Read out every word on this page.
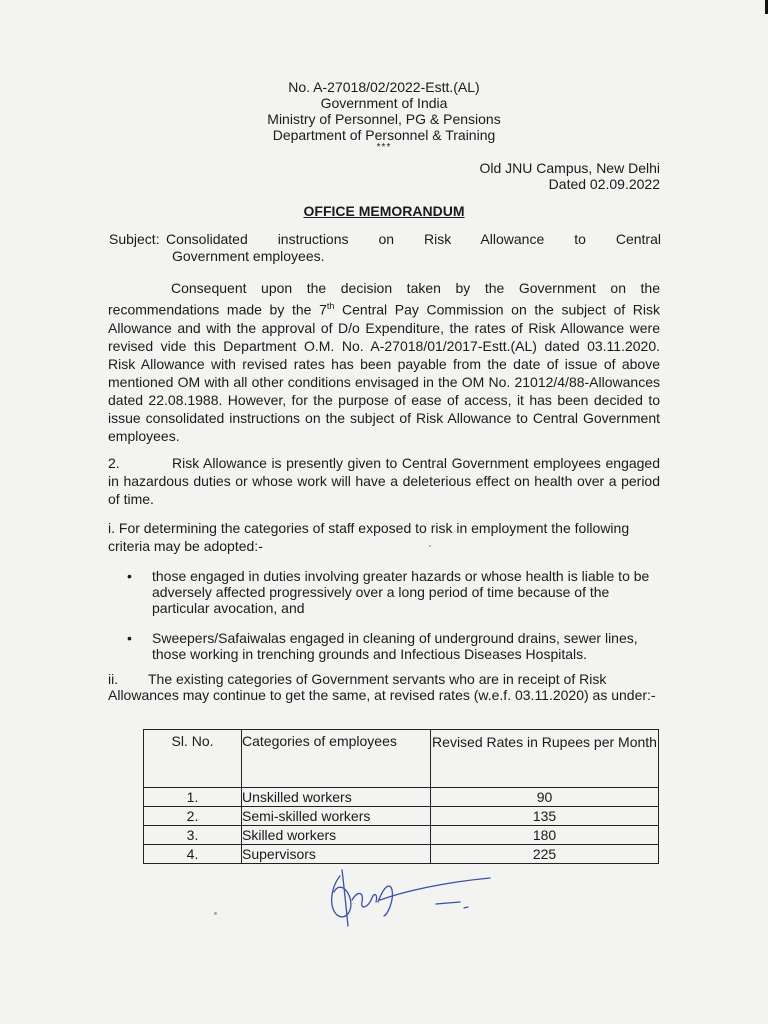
No. A-27018/02/2022-Estt.(AL)
Government of India
Ministry of Personnel, PG & Pensions
Department of Personnel & Training
***
Old JNU Campus, New Delhi
Dated 02.09.2022
OFFICE MEMORANDUM
Subject: Consolidated instructions on Risk Allowance to Central
Government employees.
Consequent upon the decision taken by the Government on the recommendations made by the 7th Central Pay Commission on the subject of Risk Allowance and with the approval of D/o Expenditure, the rates of Risk Allowance were revised vide this Department O.M. No. A-27018/01/2017-Estt.(AL) dated 03.11.2020. Risk Allowance with revised rates has been payable from the date of issue of above mentioned OM with all other conditions envisaged in the OM No. 21012/4/88-Allowances dated 22.08.1988. However, for the purpose of ease of access, it has been decided to issue consolidated instructions on the subject of Risk Allowance to Central Government employees.
2.	Risk Allowance is presently given to Central Government employees engaged in hazardous duties or whose work will have a deleterious effect on health over a period of time.
i. For determining the categories of staff exposed to risk in employment the following criteria may be adopted:-
• those engaged in duties involving greater hazards or whose health is liable to be adversely affected progressively over a long period of time because of the particular avocation, and
• Sweepers/Safaiwalas engaged in cleaning of underground drains, sewer lines, those working in trenching grounds and Infectious Diseases Hospitals.
ii. The existing categories of Government servants who are in receipt of Risk Allowances may continue to get the same, at revised rates (w.e.f. 03.11.2020) as under:-
Sl. No.	Categories of employees	Revised Rates in Rupees per Month
1.	Unskilled workers	90
2.	Semi-skilled workers	135
3.	Skilled workers	180
4.	Supervisors	225
